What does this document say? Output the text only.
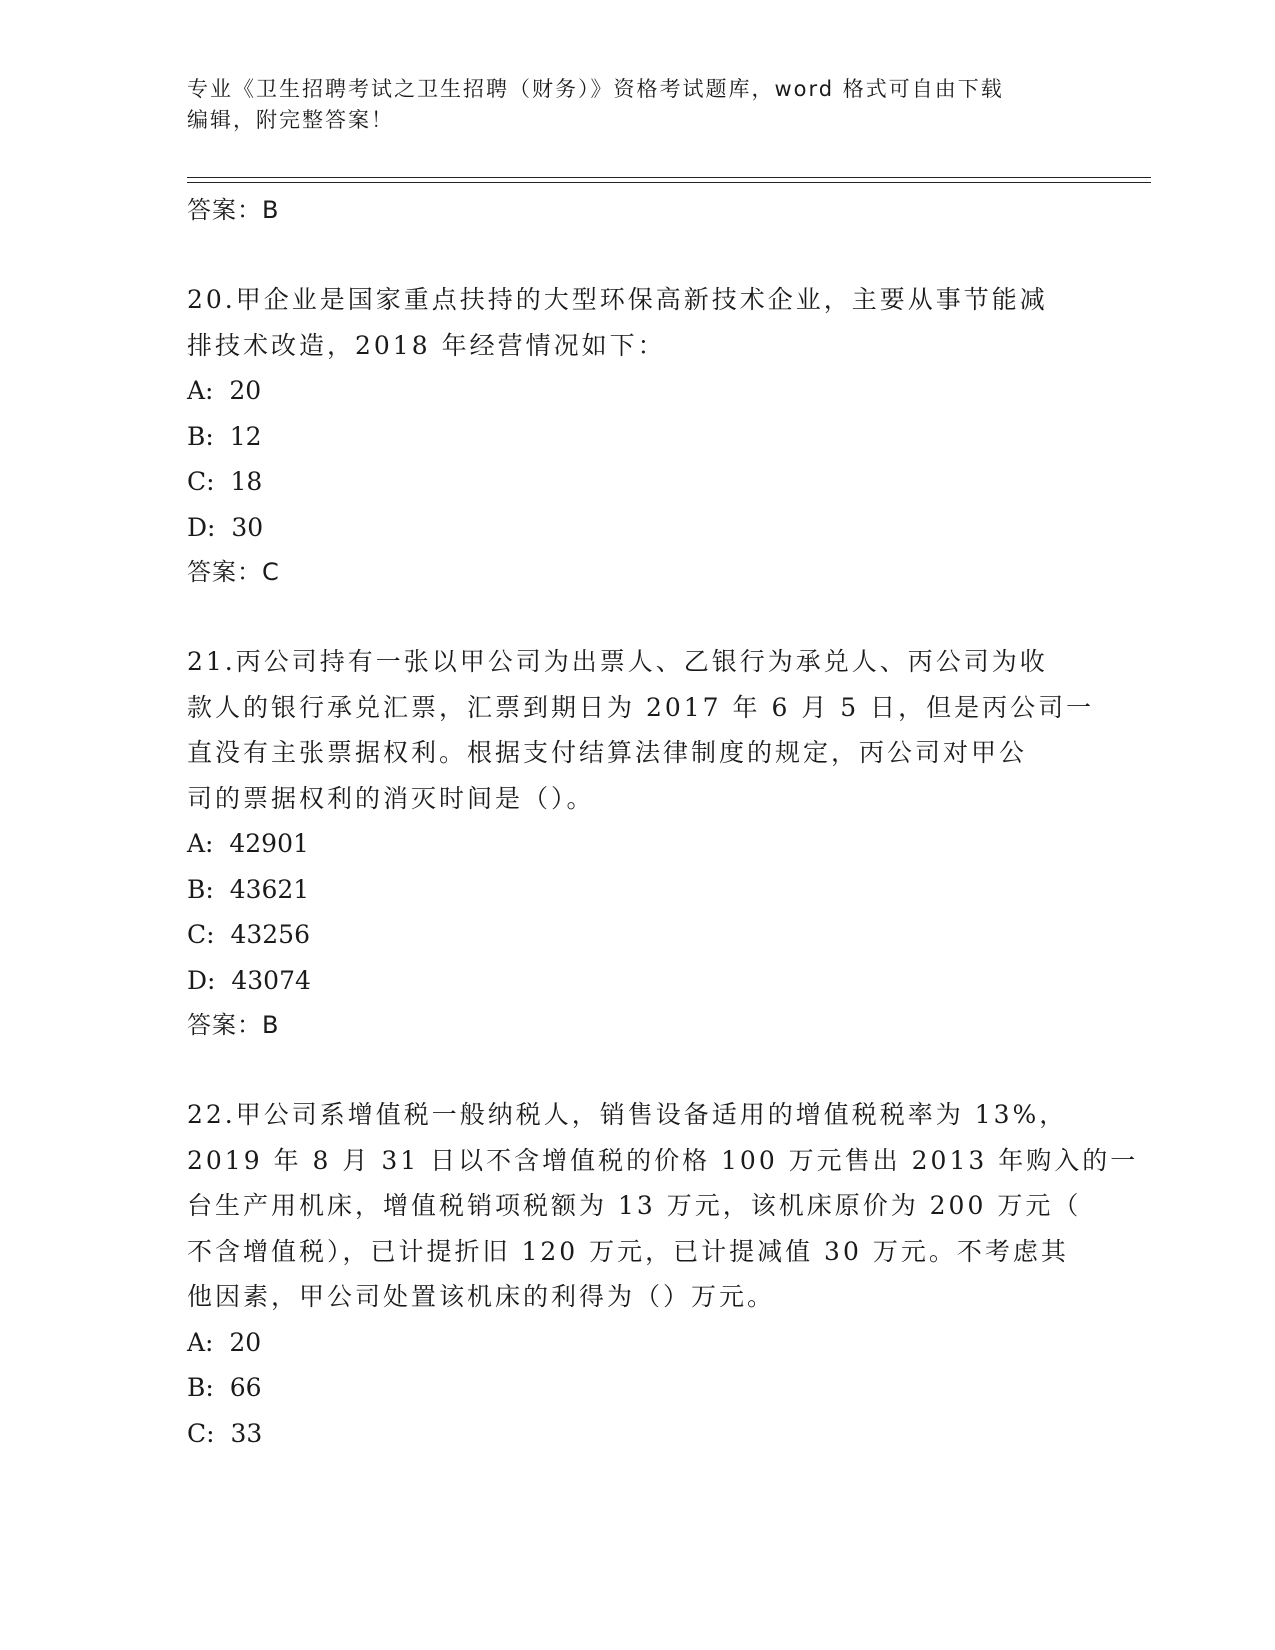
专业《卫生招聘考试之卫生招聘（财务）》资格考试题库，word 格式可自由下载
编辑，附完整答案！
答案：B
20.甲企业是国家重点扶持的大型环保高新技术企业，主要从事节能减
排技术改造，2018 年经营情况如下：
A:  20
B:  12
C:  18
D:  30
答案：C
21.丙公司持有一张以甲公司为出票人、乙银行为承兑人、丙公司为收
款人的银行承兑汇票，汇票到期日为 2017 年 6 月 5 日，但是丙公司一
直没有主张票据权利。根据支付结算法律制度的规定，丙公司对甲公
司的票据权利的消灭时间是（）。
A:  42901
B:  43621
C:  43256
D:  43074
答案：B
22.甲公司系增值税一般纳税人，销售设备适用的增值税税率为 13%，
2019 年 8 月 31 日以不含增值税的价格 100 万元售出 2013 年购入的一
台生产用机床，增值税销项税额为 13 万元，该机床原价为 200 万元（
不含增值税），已计提折旧 120 万元，已计提减值 30 万元。不考虑其
他因素，甲公司处置该机床的利得为（）万元。
A:  20
B:  66
C:  33
